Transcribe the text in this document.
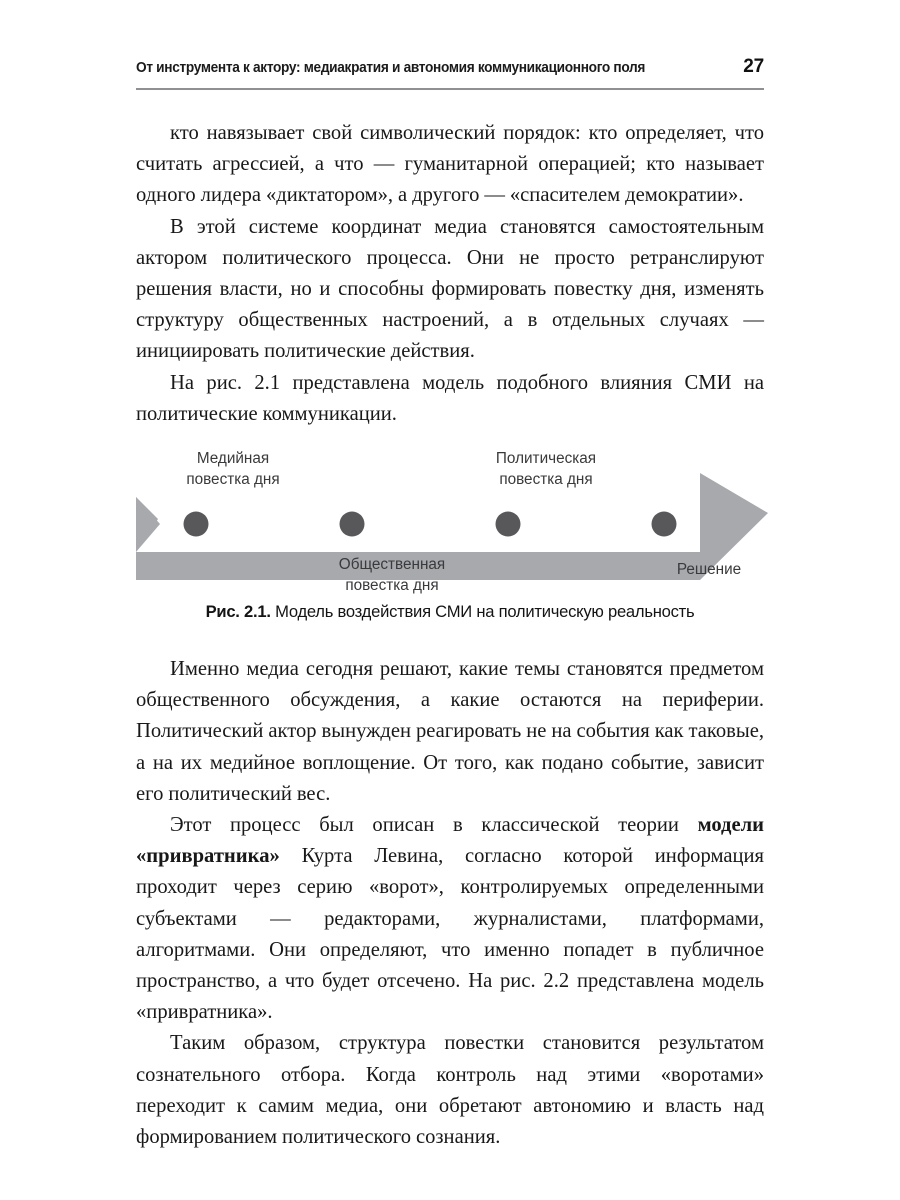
От инструмента к актору: медиакратия и автономия коммуникационного поля	27

кто навязывает свой символический порядок: кто определяет, что считать агрессией, а что — гуманитарной операцией; кто называет одного лидера «диктатором», а другого — «спасителем демократии».

В этой системе координат медиа становятся самостоятельным актором политического процесса. Они не просто ретранслируют решения власти, но и способны формировать повестку дня, изменять структуру общественных настроений, а в отдельных случаях — инициировать политические действия.

На рис. 2.1 представлена модель подобного влияния СМИ на политические коммуникации.

Медийная
повестка дня
Политическая
повестка дня
Общественная
повестка дня
Решение
Рис. 2.1. Модель воздействия СМИ на политическую реальность

Именно медиа сегодня решают, какие темы становятся предметом общественного обсуждения, а какие остаются на периферии. Политический актор вынужден реагировать не на события как таковые, а на их медийное воплощение. От того, как подано событие, зависит его политический вес.

Этот процесс был описан в классической теории модели «привратника» Курта Левина, согласно которой информация проходит через серию «ворот», контролируемых определенными субъектами — редакторами, журналистами, платформами, алгоритмами. Они определяют, что именно попадет в публичное пространство, а что будет отсечено. На рис. 2.2 представлена модель «привратника».

Таким образом, структура повестки становится результатом сознательного отбора. Когда контроль над этими «воротами» переходит к самим медиа, они обретают автономию и власть над формированием политического сознания.
